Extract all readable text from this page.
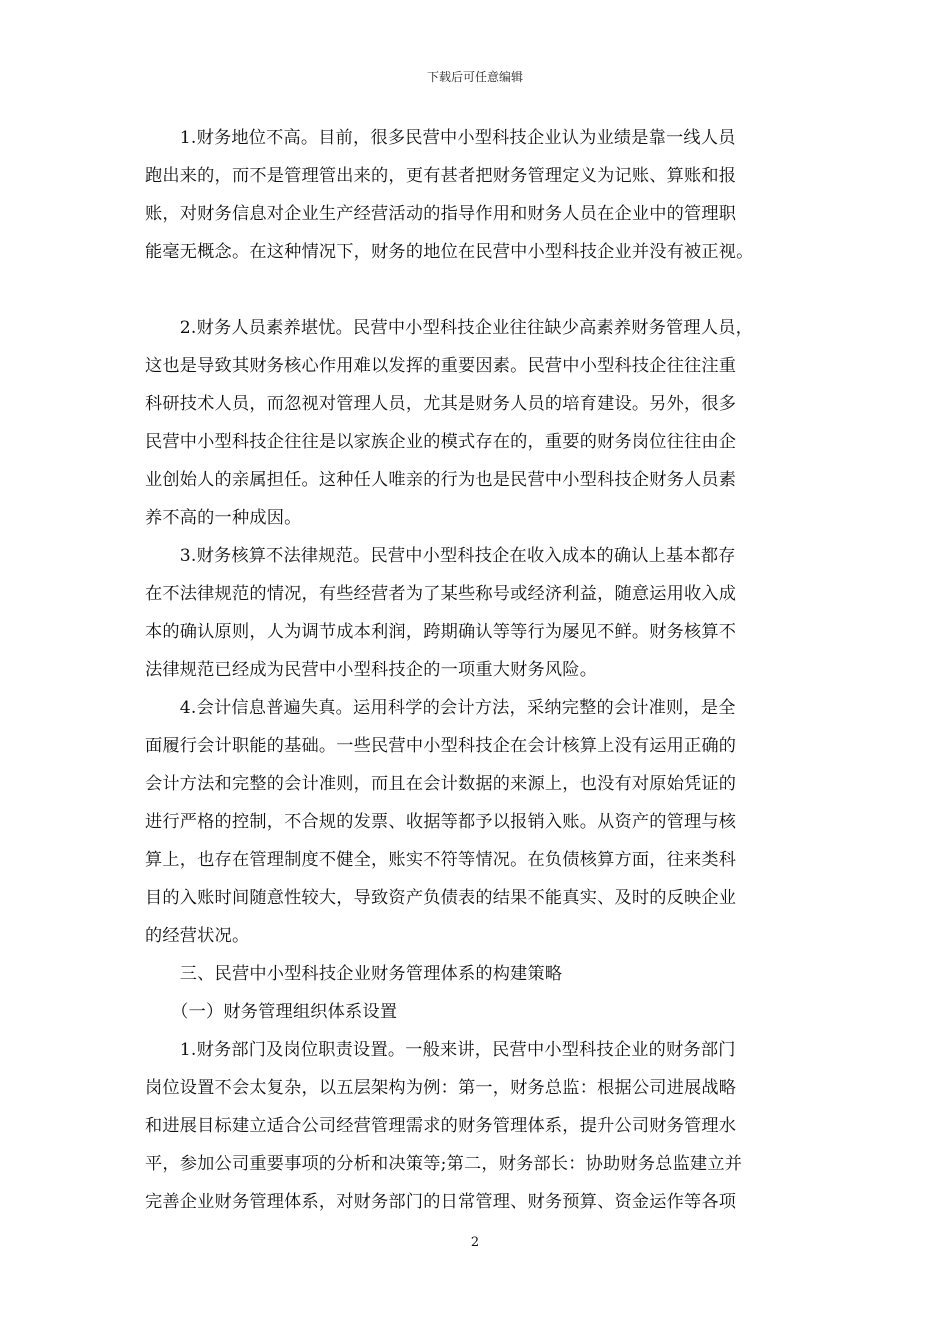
下载后可任意编辑
　　1.财务地位不高。目前，很多民营中小型科技企业认为业绩是靠一线人员
跑出来的，而不是管理管出来的，更有甚者把财务管理定义为记账、算账和报
账，对财务信息对企业生产经营活动的指导作用和财务人员在企业中的管理职
能毫无概念。在这种情况下，财务的地位在民营中小型科技企业并没有被正视。
　　2.财务人员素养堪忧。民营中小型科技企业往往缺少高素养财务管理人员，
这也是导致其财务核心作用难以发挥的重要因素。民营中小型科技企往往注重
科研技术人员，而忽视对管理人员，尤其是财务人员的培育建设。另外，很多
民营中小型科技企往往是以家族企业的模式存在的，重要的财务岗位往往由企
业创始人的亲属担任。这种任人唯亲的行为也是民营中小型科技企财务人员素
养不高的一种成因。
　　3.财务核算不法律规范。民营中小型科技企在收入成本的确认上基本都存
在不法律规范的情况，有些经营者为了某些称号或经济利益，随意运用收入成
本的确认原则，人为调节成本利润，跨期确认等等行为屡见不鲜。财务核算不
法律规范已经成为民营中小型科技企的一项重大财务风险。
　　4.会计信息普遍失真。运用科学的会计方法，采纳完整的会计准则，是全
面履行会计职能的基础。一些民营中小型科技企在会计核算上没有运用正确的
会计方法和完整的会计准则，而且在会计数据的来源上，也没有对原始凭证的
进行严格的控制，不合规的发票、收据等都予以报销入账。从资产的管理与核
算上，也存在管理制度不健全，账实不符等情况。在负债核算方面，往来类科
目的入账时间随意性较大，导致资产负债表的结果不能真实、及时的反映企业
的经营状况。
　　三、民营中小型科技企业财务管理体系的构建策略
　　（一）财务管理组织体系设置
　　1.财务部门及岗位职责设置。一般来讲，民营中小型科技企业的财务部门
岗位设置不会太复杂，以五层架构为例：第一，财务总监：根据公司进展战略
和进展目标建立适合公司经营管理需求的财务管理体系，提升公司财务管理水
平，参加公司重要事项的分析和决策等;第二，财务部长：协助财务总监建立并
完善企业财务管理体系，对财务部门的日常管理、财务预算、资金运作等各项
2
